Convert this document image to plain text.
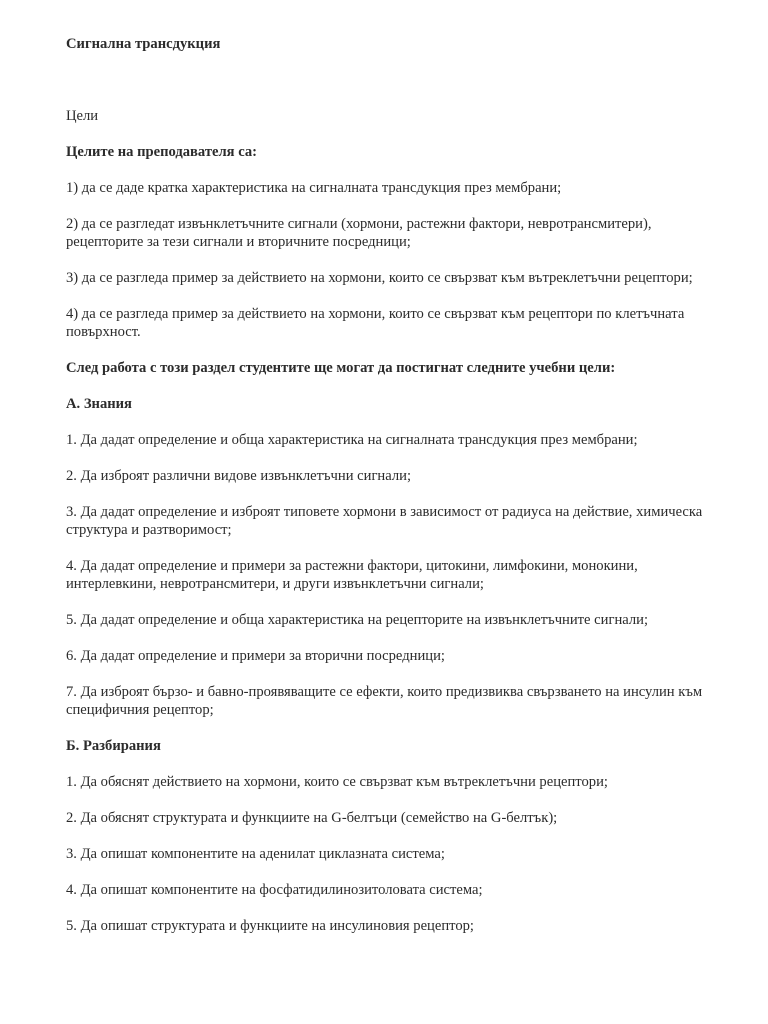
Сигнална трансдукция

Цели

Целите на преподавателя са:

1) да се даде кратка характеристика на сигналната трансдукция през мембрани;

2) да се разгледат извънклетъчните сигнали (хормони, растежни фактори, невротрансмитери), рецепторите за тези сигнали и вторичните посредници;

3) да се разгледа пример за действието на хормони, които се свързват към вътреклетъчни рецептори;

4) да се разгледа пример за действието на хормони, които се свързват към рецептори по клетъчната повърхност.

След работа с този раздел студентите ще могат да постигнат следните учебни цели:

А. Знания

1. Да дадат определение и обща характеристика на сигналната трансдукция през мембрани;

2. Да изброят различни видове извънклетъчни сигнали;

3. Да дадат определение и изброят типовете хормони в зависимост от радиуса на действие, химическа структура и разтворимост;

4. Да дадат определение и примери за растежни фактори, цитокини, лимфокини, монокини, интерлевкини, невротрансмитери, и други извънклетъчни сигнали;

5. Да дадат определение и обща характеристика на рецепторите на извънклетъчните сигнали;

6. Да дадат определение и примери за вторични посредници;

7. Да изброят бързо- и бавно-проявяващите се ефекти, които предизвиква свързването на инсулин към специфичния рецептор;

Б. Разбирания

1. Да обяснят действието на хормони, които се свързват към вътреклетъчни рецептори;

2. Да обяснят структурата и функциите на G-белтъци (семейство на G-белтък);

3. Да опишат компонентите на аденилат циклазната система;

4. Да опишат компонентите на фосфатидилинозитоловата система;

5. Да опишат структурата и функциите на инсулиновия рецептор;
